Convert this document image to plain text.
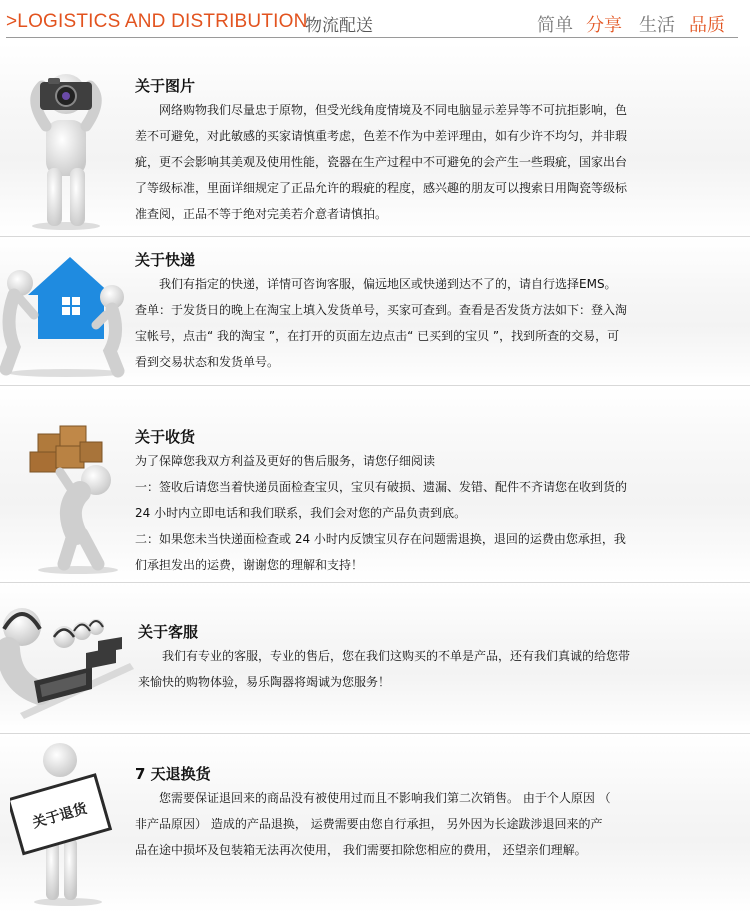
>LOGISTICS AND DISTRIBUTION
物流配送	简单 分享 生活 品质
关于图片
网络购物我们尽量忠于原物，但受光线角度情境及不同电脑显示差异等不可抗拒影响，色
差不可避免，对此敏感的买家请慎重考虑，色差不作为中差评理由，如有少许不均匀，并非瑕
疵，更不会影响其美观及使用性能，瓷器在生产过程中不可避免的会产生一些瑕疵，国家出台
了等级标准，里面详细规定了正品允许的瑕疵的程度，感兴趣的朋友可以搜索日用陶瓷等级标
准查阅，正品不等于绝对完美若介意者请慎拍。
关于快递
我们有指定的快递，详情可咨询客服，偏远地区或快递到达不了的，请自行选择EMS。
查单：于发货日的晚上在淘宝上填入发货单号，买家可查到。查看是否发货方法如下：登入淘
宝帐号，点击“ 我的淘宝 ”，在打开的页面左边点击“ 已买到的宝贝 ”，找到所查的交易，可
看到交易状态和发货单号。
关于收货
为了保障您我双方利益及更好的售后服务，请您仔细阅读
一：签收后请您当着快递员面检查宝贝，宝贝有破损、遗漏、发错、配件不齐请您在收到货的
24 小时内立即电话和我们联系，我们会对您的产品负责到底。
二：如果您未当快递面检查或 24 小时内反馈宝贝存在问题需退换，退回的运费由您承担，我
们承担发出的运费，谢谢您的理解和支持！
关于客服
我们有专业的客服，专业的售后，您在我们这购买的不单是产品，还有我们真诚的给您带
来愉快的购物体验，易乐陶器将竭诚为您服务！
关于退货
7 天退换货
您需要保证退回来的商品没有被使用过而且不影响我们第二次销售。 由于个人原因 （
非产品原因） 造成的产品退换， 运费需要由您自行承担， 另外因为长途跋涉退回来的产
品在途中损坏及包装箱无法再次使用， 我们需要扣除您相应的费用， 还望亲们理解。
